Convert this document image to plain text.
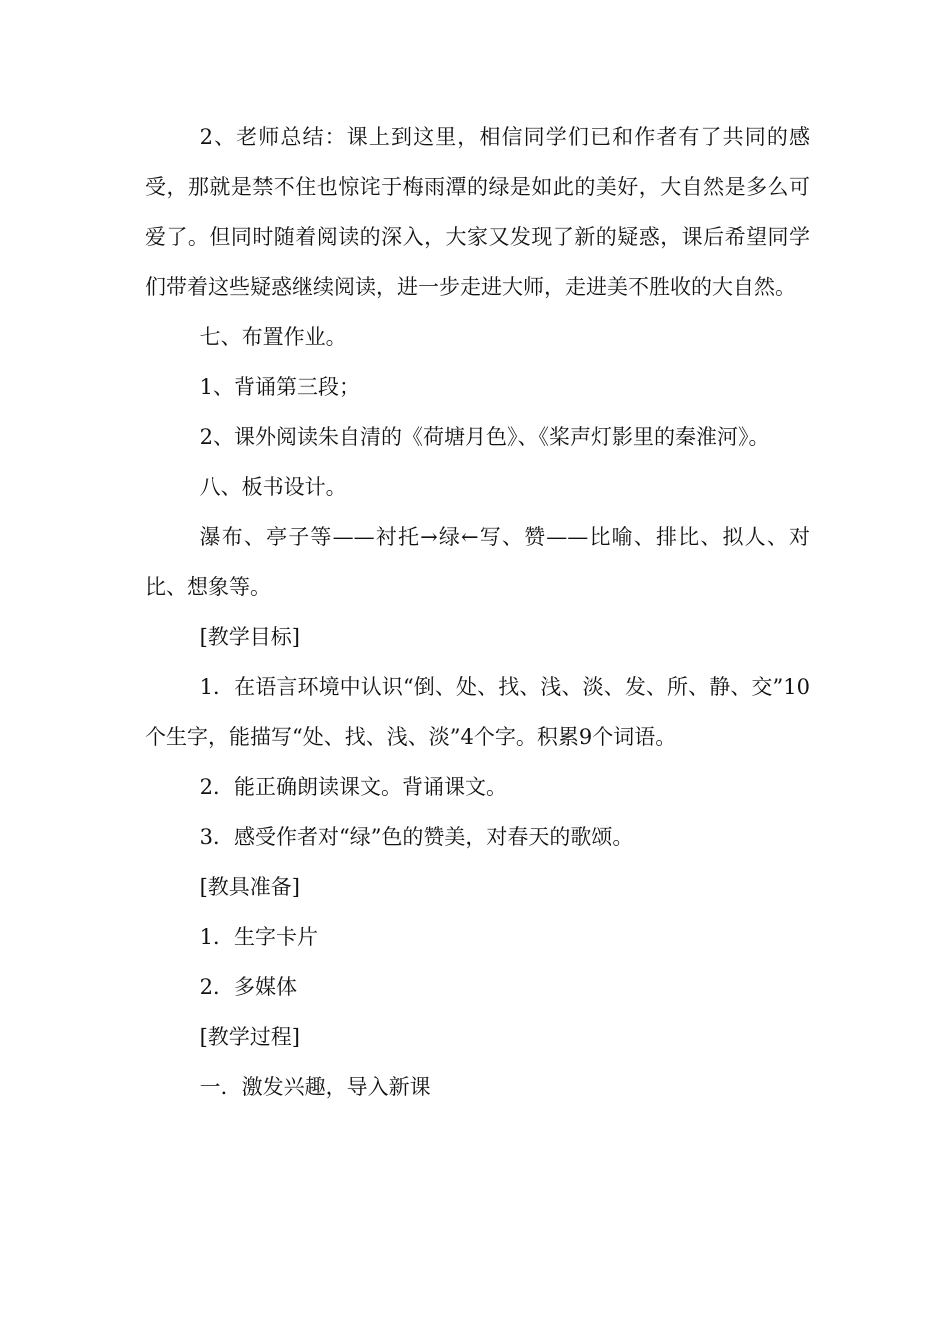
2、老师总结：课上到这里，相信同学们已和作者有了共同的感受，那就是禁不住也惊诧于梅雨潭的绿是如此的美好，大自然是多么可爱了。但同时随着阅读的深入，大家又发现了新的疑惑，课后希望同学们带着这些疑惑继续阅读，进一步走进大师，走进美不胜收的大自然。

七、布置作业。

1、背诵第三段；

2、课外阅读朱自清的《荷塘月色》、《桨声灯影里的秦淮河》。

八、板书设计。

瀑布、亭子等——衬托→绿←写、赞——比喻、排比、拟人、对比、想象等。

[教学目标]

1．在语言环境中认识“倒、处、找、浅、淡、发、所、静、交”10个生字，能描写“处、找、浅、淡”4个字。积累9个词语。

2．能正确朗读课文。背诵课文。

3．感受作者对“绿”色的赞美，对春天的歌颂。

[教具准备]

1．生字卡片

2．多媒体

[教学过程]

一．激发兴趣，导入新课
